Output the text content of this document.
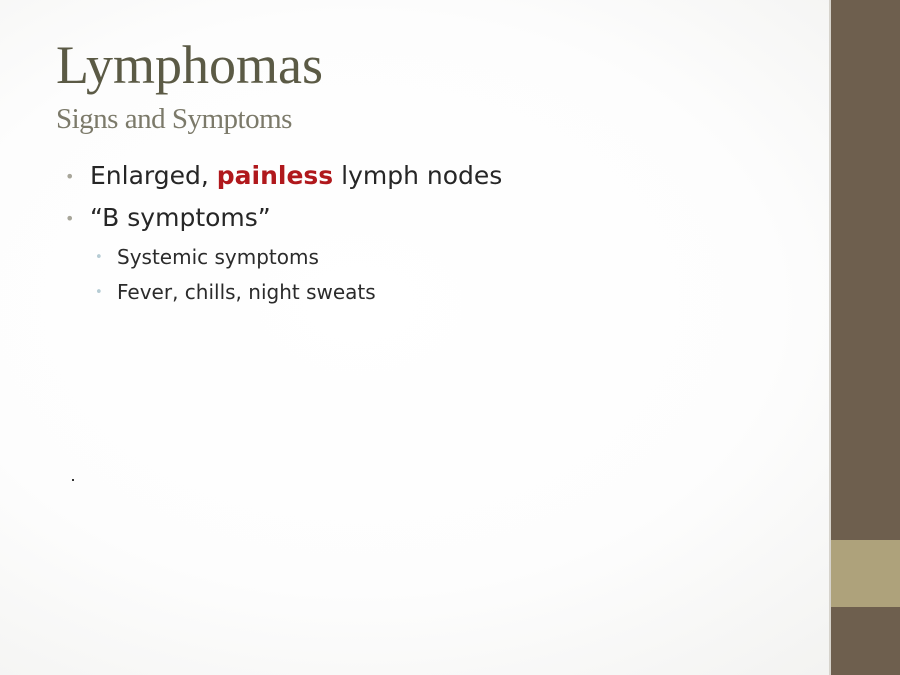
Lymphomas
Signs and Symptoms
• Enlarged, painless lymph nodes
• “B symptoms”
• Systemic symptoms
• Fever, chills, night sweats
